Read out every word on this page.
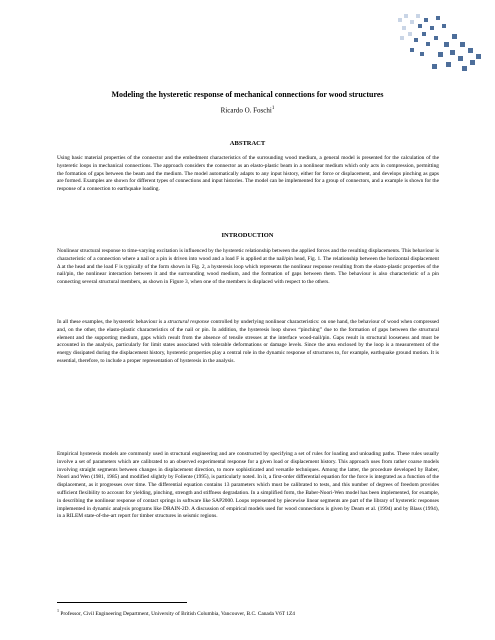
Modeling the hysteretic response of mechanical connections for wood structures
Ricardo O. Foschi$^1$
ABSTRACT
Using basic material properties of the connector and the embedment characteristics of the surrounding wood medium, a general model is presented for the calculation of the hysteretic loops in mechanical connections. The approach considers the connector as an elasto-plastic beam in a nonlinear medium which only acts in compression, permitting the formation of gaps between the beam and the medium. The model automatically adapts to any input history, either for force or displacement, and develops pinching as gaps are formed. Examples are shown for different types of connections and input histories. The model can be implemented for a group of connectors, and a example is shown for the response of a connection to earthquake loading.
INTRODUCTION
Nonlinear structural response to time-varying excitation is influenced by the hysteretic relationship between the applied forces and the resulting displacements. This behaviour is characteristic of a connection where a nail or a pin is driven into wood and a load F is applied at the nail/pin head, Fig. 1. The relationship between the horizontal displacement Δ at the head and the load F is typically of the form shown in Fig. 2, a hysteresis loop which represents the nonlinear response resulting from the elasto-plastic properties of the nail/pin, the nonlinear interaction between it and the surrounding wood medium, and the formation of gaps between them. The behaviour is also characteristic of a pin connecting several structural members, as shown in Figure 3, when one of the members is displaced with respect to the others.
In all these examples, the hysteretic behaviour is a structural response controlled by underlying nonlinear characteristics: on one hand, the behaviour of wood when compressed and, on the other, the elasto-plastic characteristics of the nail or pin. In addition, the hysteresis loop shows “pinching” due to the formation of gaps between the structural element and the supporting medium, gaps which result from the absence of tensile stresses at the interface wood-nail/pin. Gaps result in structural looseness and must be accounted in the analysis, particularly for limit states associated with tolerable deformations or damage levels. Since the area enclosed by the loop is a measurement of the energy dissipated during the displacement history, hysteretic properties play a central role in the dynamic response of structures to, for example, earthquake ground motion. It is essential, therefore, to include a proper representation of hysteresis in the analysis.
Empirical hysteresis models are commonly used in structural engineering and are constructed by specifying a set of rules for loading and unloading paths. These rules usually involve a set of parameters which are calibrated to an observed experimental response for a given load or displacement history. This approach uses from rather coarse models involving straight segments between changes in displacement direction, to more sophisticated and versatile techniques. Among the latter, the procedure developed by Baber, Noori and Wen (1981, 1985) and modified slightly by Foliente (1995), is particularly noted. In it, a first-order differential equation for the force is integrated as a function of the displacement, as it progresses over time. The differential equation contains 13 parameters which must be calibrated to tests, and this number of degrees of freedom provides sufficient flexibility to account for yielding, pinching, strength and stiffness degradation. In a simplified form, the Baber-Noori-Wen model has been implemented, for example, in describing the nonlinear response of contact springs in software like SAP2000. Loops represented by piecewise linear segments are part of the library of hysteretic responses implemented in dynamic analysis programs like DRAIN-2D. A discussion of empirical models used for wood connections is given by Deam et al. (1994) and by Blass (1994), in a RILEM state-of-the-art report for timber structures in seismic regions.
$^1$ Professor, Civil Engineering Department, University of British Columbia, Vancouver, B.C. Canada V6T 1Z4
